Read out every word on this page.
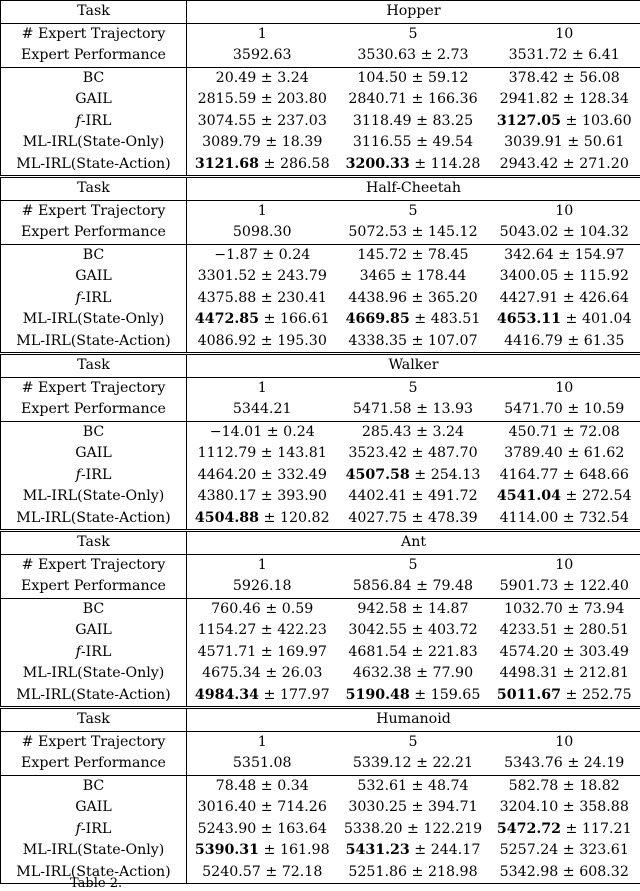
Task	Hopper		
# Expert Trajectory	1	5	10
Expert Performance	3592.63	3530.63 ± 2.73	3531.72 ± 6.41
BC	20.49 ± 3.24	104.50 ± 59.12	378.42 ± 56.08
GAIL	2815.59 ± 203.80	2840.71 ± 166.36	2941.82 ± 128.34
f-IRL	3074.55 ± 237.03	3118.49 ± 83.25	3127.05 ± 103.60
ML-IRL(State-Only)	3089.79 ± 18.39	3116.55 ± 49.54	3039.91 ± 50.61
ML-IRL(State-Action)	3121.68 ± 286.58	3200.33 ± 114.28	2943.42 ± 271.20
Task	Half-Cheetah		
# Expert Trajectory	1	5	10
Expert Performance	5098.30	5072.53 ± 145.12	5043.02 ± 104.32
BC	−1.87 ± 0.24	145.72 ± 78.45	342.64 ± 154.97
GAIL	3301.52 ± 243.79	3465 ± 178.44	3400.05 ± 115.92
f-IRL	4375.88 ± 230.41	4438.96 ± 365.20	4427.91 ± 426.64
ML-IRL(State-Only)	4472.85 ± 166.61	4669.85 ± 483.51	4653.11 ± 401.04
ML-IRL(State-Action)	4086.92 ± 195.30	4338.35 ± 107.07	4416.79 ± 61.35
Task	Walker		
# Expert Trajectory	1	5	10
Expert Performance	5344.21	5471.58 ± 13.93	5471.70 ± 10.59
BC	−14.01 ± 0.24	285.43 ± 3.24	450.71 ± 72.08
GAIL	1112.79 ± 143.81	3523.42 ± 487.70	3789.40 ± 61.62
f-IRL	4464.20 ± 332.49	4507.58 ± 254.13	4164.77 ± 648.66
ML-IRL(State-Only)	4380.17 ± 393.90	4402.41 ± 491.72	4541.04 ± 272.54
ML-IRL(State-Action)	4504.88 ± 120.82	4027.75 ± 478.39	4114.00 ± 732.54
Task	Ant		
# Expert Trajectory	1	5	10
Expert Performance	5926.18	5856.84 ± 79.48	5901.73 ± 122.40
BC	760.46 ± 0.59	942.58 ± 14.87	1032.70 ± 73.94
GAIL	1154.27 ± 422.23	3042.55 ± 403.72	4233.51 ± 280.51
f-IRL	4571.71 ± 169.97	4681.54 ± 221.83	4574.20 ± 303.49
ML-IRL(State-Only)	4675.34 ± 26.03	4632.38 ± 77.90	4498.31 ± 212.81
ML-IRL(State-Action)	4984.34 ± 177.97	5190.48 ± 159.65	5011.67 ± 252.75
Task	Humanoid		
# Expert Trajectory	1	5	10
Expert Performance	5351.08	5339.12 ± 22.21	5343.76 ± 24.19
BC	78.48 ± 0.34	532.61 ± 48.74	582.78 ± 18.82
GAIL	3016.40 ± 714.26	3030.25 ± 394.71	3204.10 ± 358.88
f-IRL	5243.90 ± 163.64	5338.20 ± 122.219	5472.72 ± 117.21
ML-IRL(State-Only)	5390.31 ± 161.98	5431.23 ± 244.17	5257.24 ± 323.61
ML-IRL(State-Action)	5240.57 ± 72.18	5251.86 ± 218.98	5342.98 ± 608.32
Table 2.
